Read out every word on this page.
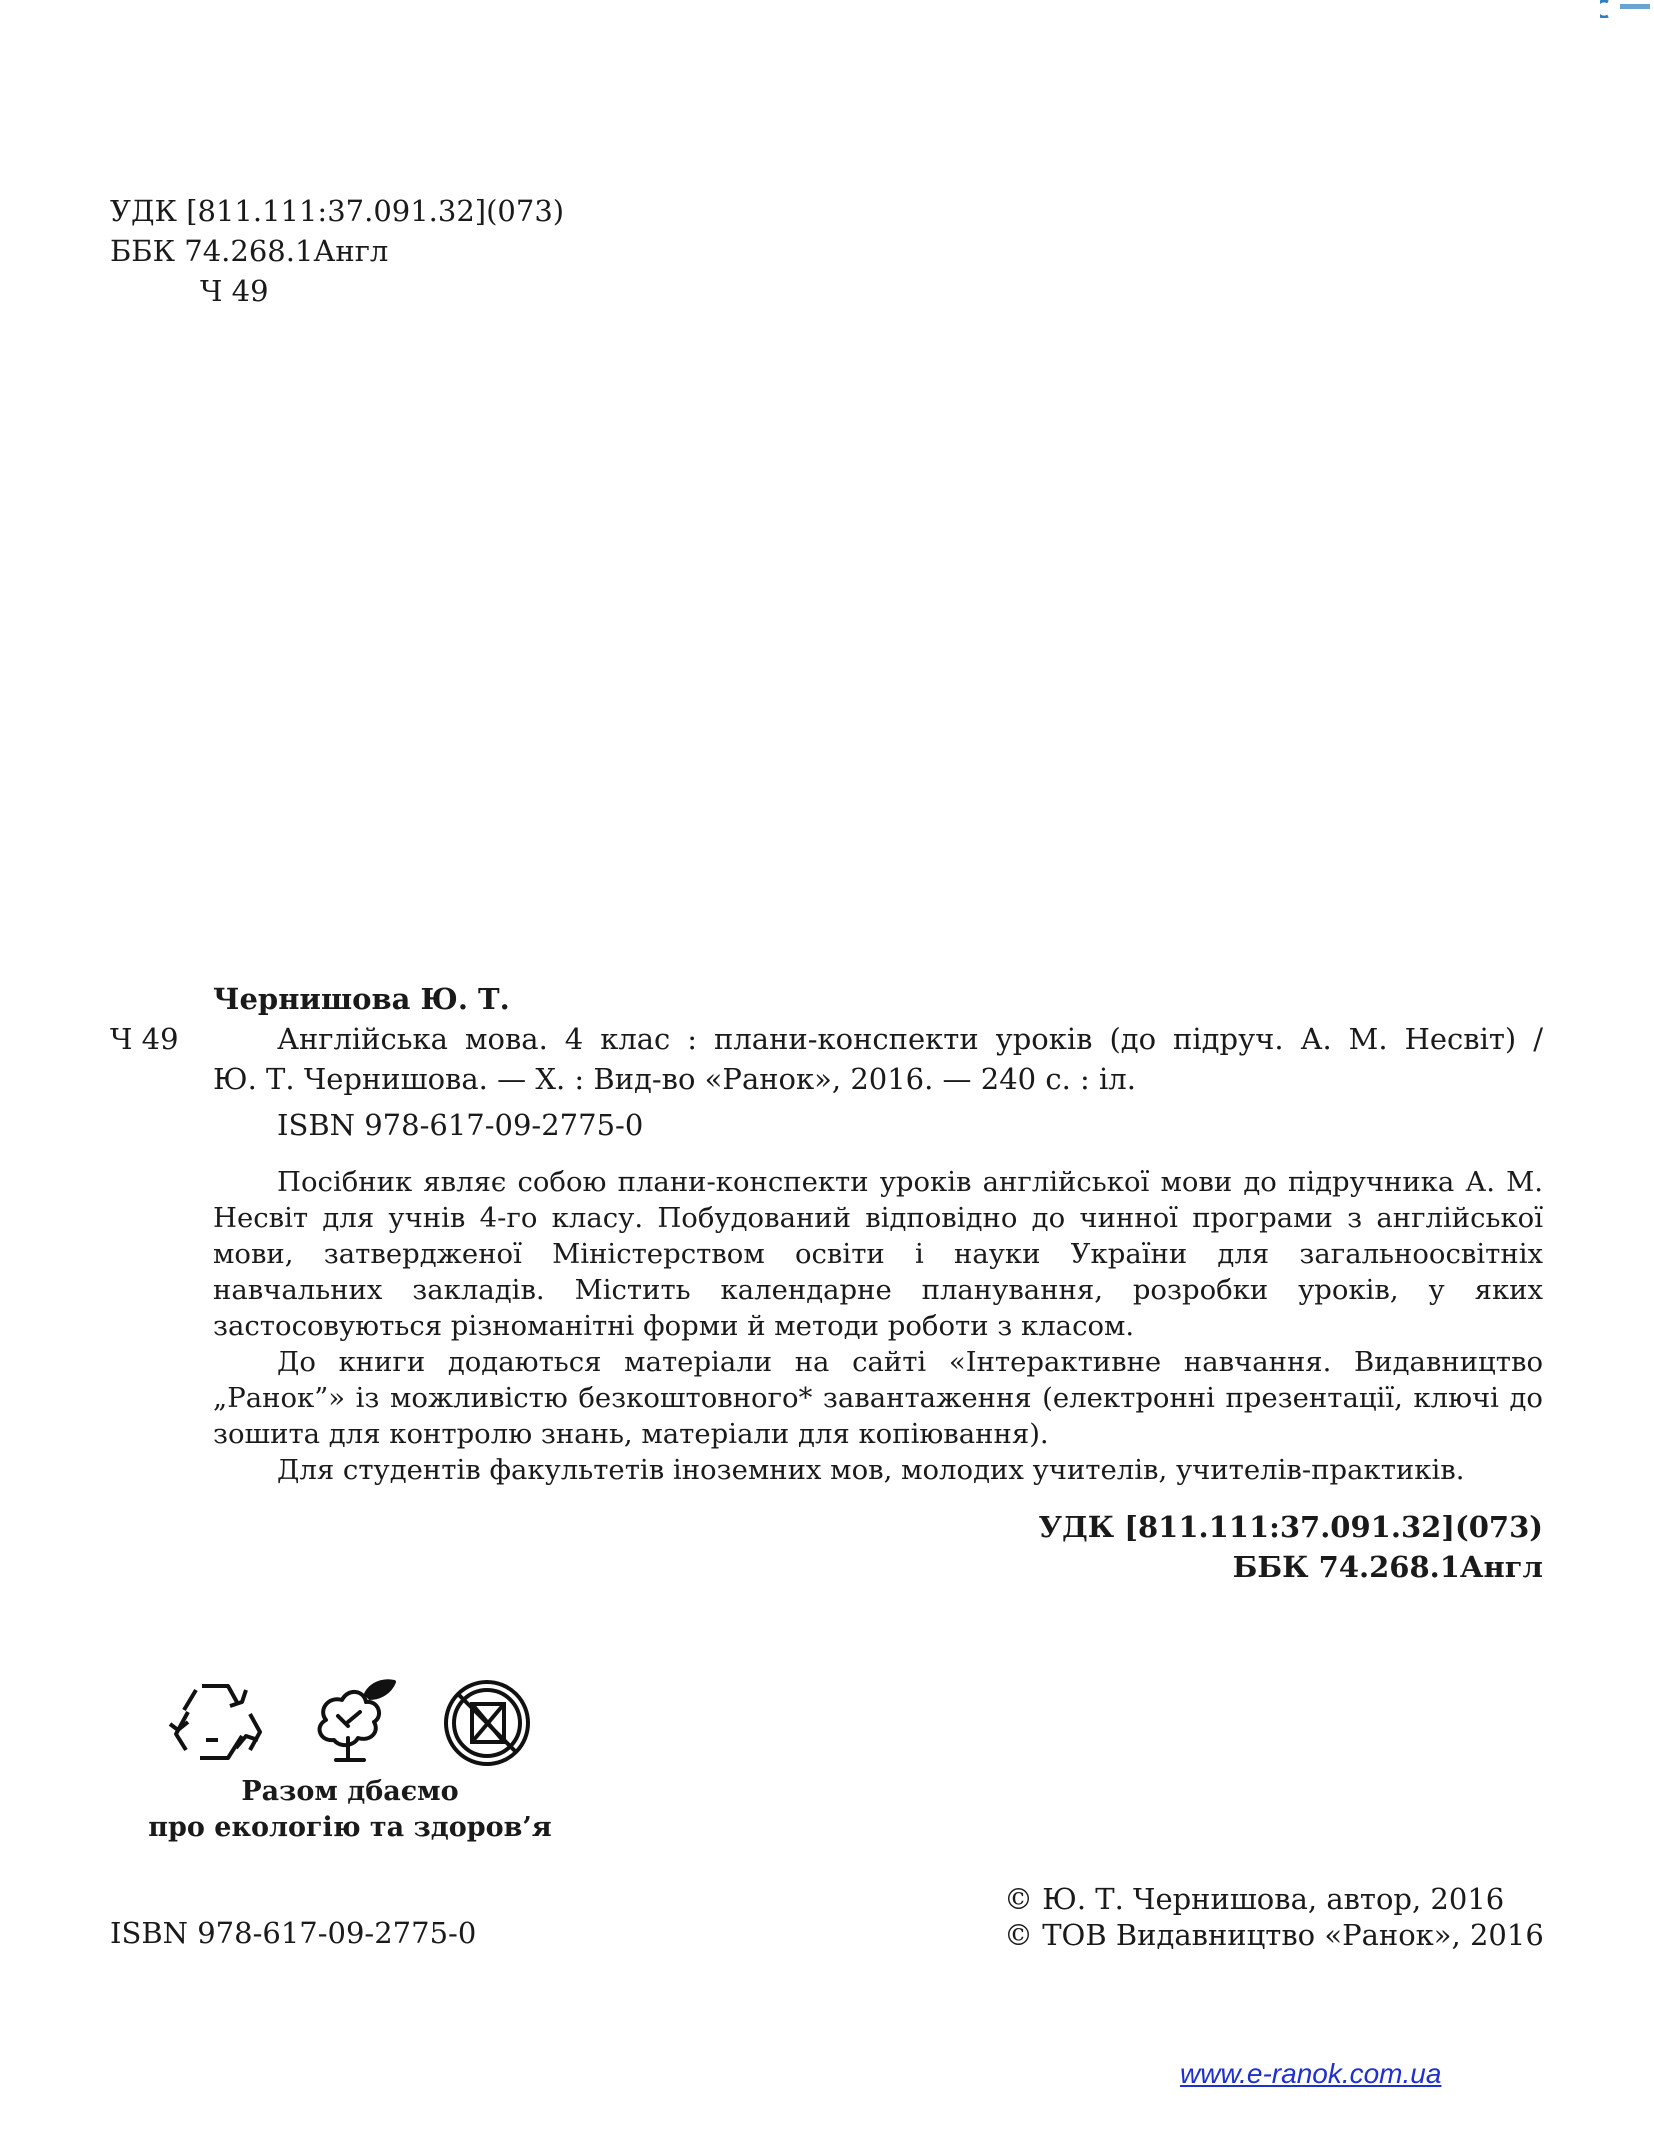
УДК [811.111:37.091.32](073)
ББК 74.268.1Англ
Ч 49
Чернишова Ю. Т.
Ч 49	Англійська мова. 4 клас : плани-конспекти уроків (до підруч. А. М. Несвіт) /
Ю. Т. Чернишова. — Х. : Вид-во «Ранок», 2016. — 240 с. : іл.
ISBN 978-617-09-2775-0
Посібник являє собою плани-конспекти уроків англійської мови до підручника А. М. Несвіт для учнів 4-го класу. Побудований відповідно до чинної програми з англійської мови, затвердженої Міністерством освіти і науки України для загальноосвітніх навчальних закладів. Містить календарне планування, розробки уроків, у яких застосовуються різноманітні форми й методи роботи з класом.
До книги додаються матеріали на сайті «Інтерактивне навчання. Видавництво „Ранок”» із можливістю безкоштовного* завантаження (електронні презентації, ключі до зошита для контролю знань, матеріали для копіювання).
Для студентів факультетів іноземних мов, молодих учителів, учителів-практиків.
УДК [811.111:37.091.32](073)
ББК 74.268.1Англ
Разом дбаємо
про екологію та здоров’я
ISBN 978-617-09-2775-0
© Ю. Т. Чернишова, автор, 2016
© ТОВ Видавництво «Ранок», 2016
www.e-ranok.com.ua
